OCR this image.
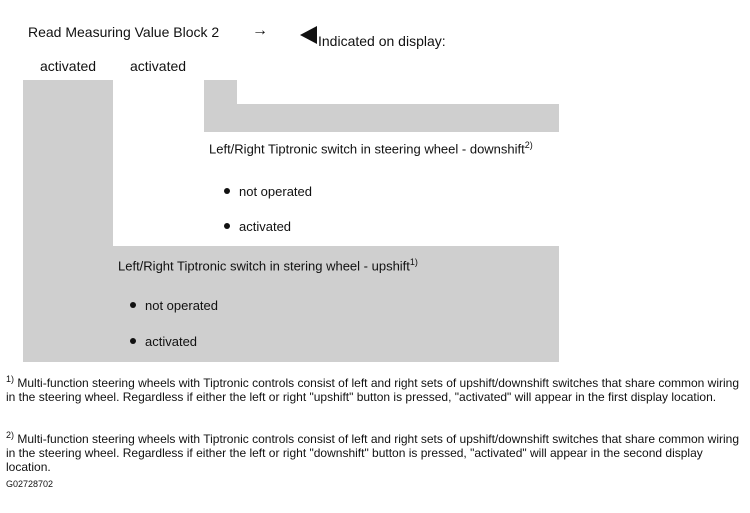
Read Measuring Value Block 2 →
Indicated on display:
activated activated
Left/Right Tiptronic switch in steering wheel - downshift$^{2)}$
not operated
activated
Left/Right Tiptronic switch in stering wheel - upshift$^{1)}$
not operated
activated
$^{1)}$ Multi-function steering wheels with Tiptronic controls consist of left and right sets of upshift/downshift switches that share common wiring in the steering wheel. Regardless if either the left or right "upshift" button is pressed, "activated" will appear in the first display location.
$^{2)}$ Multi-function steering wheels with Tiptronic controls consist of left and right sets of upshift/downshift switches that share common wiring in the steering wheel. Regardless if either the left or right "downshift" button is pressed, "activated" will appear in the second display location.
G02728702
